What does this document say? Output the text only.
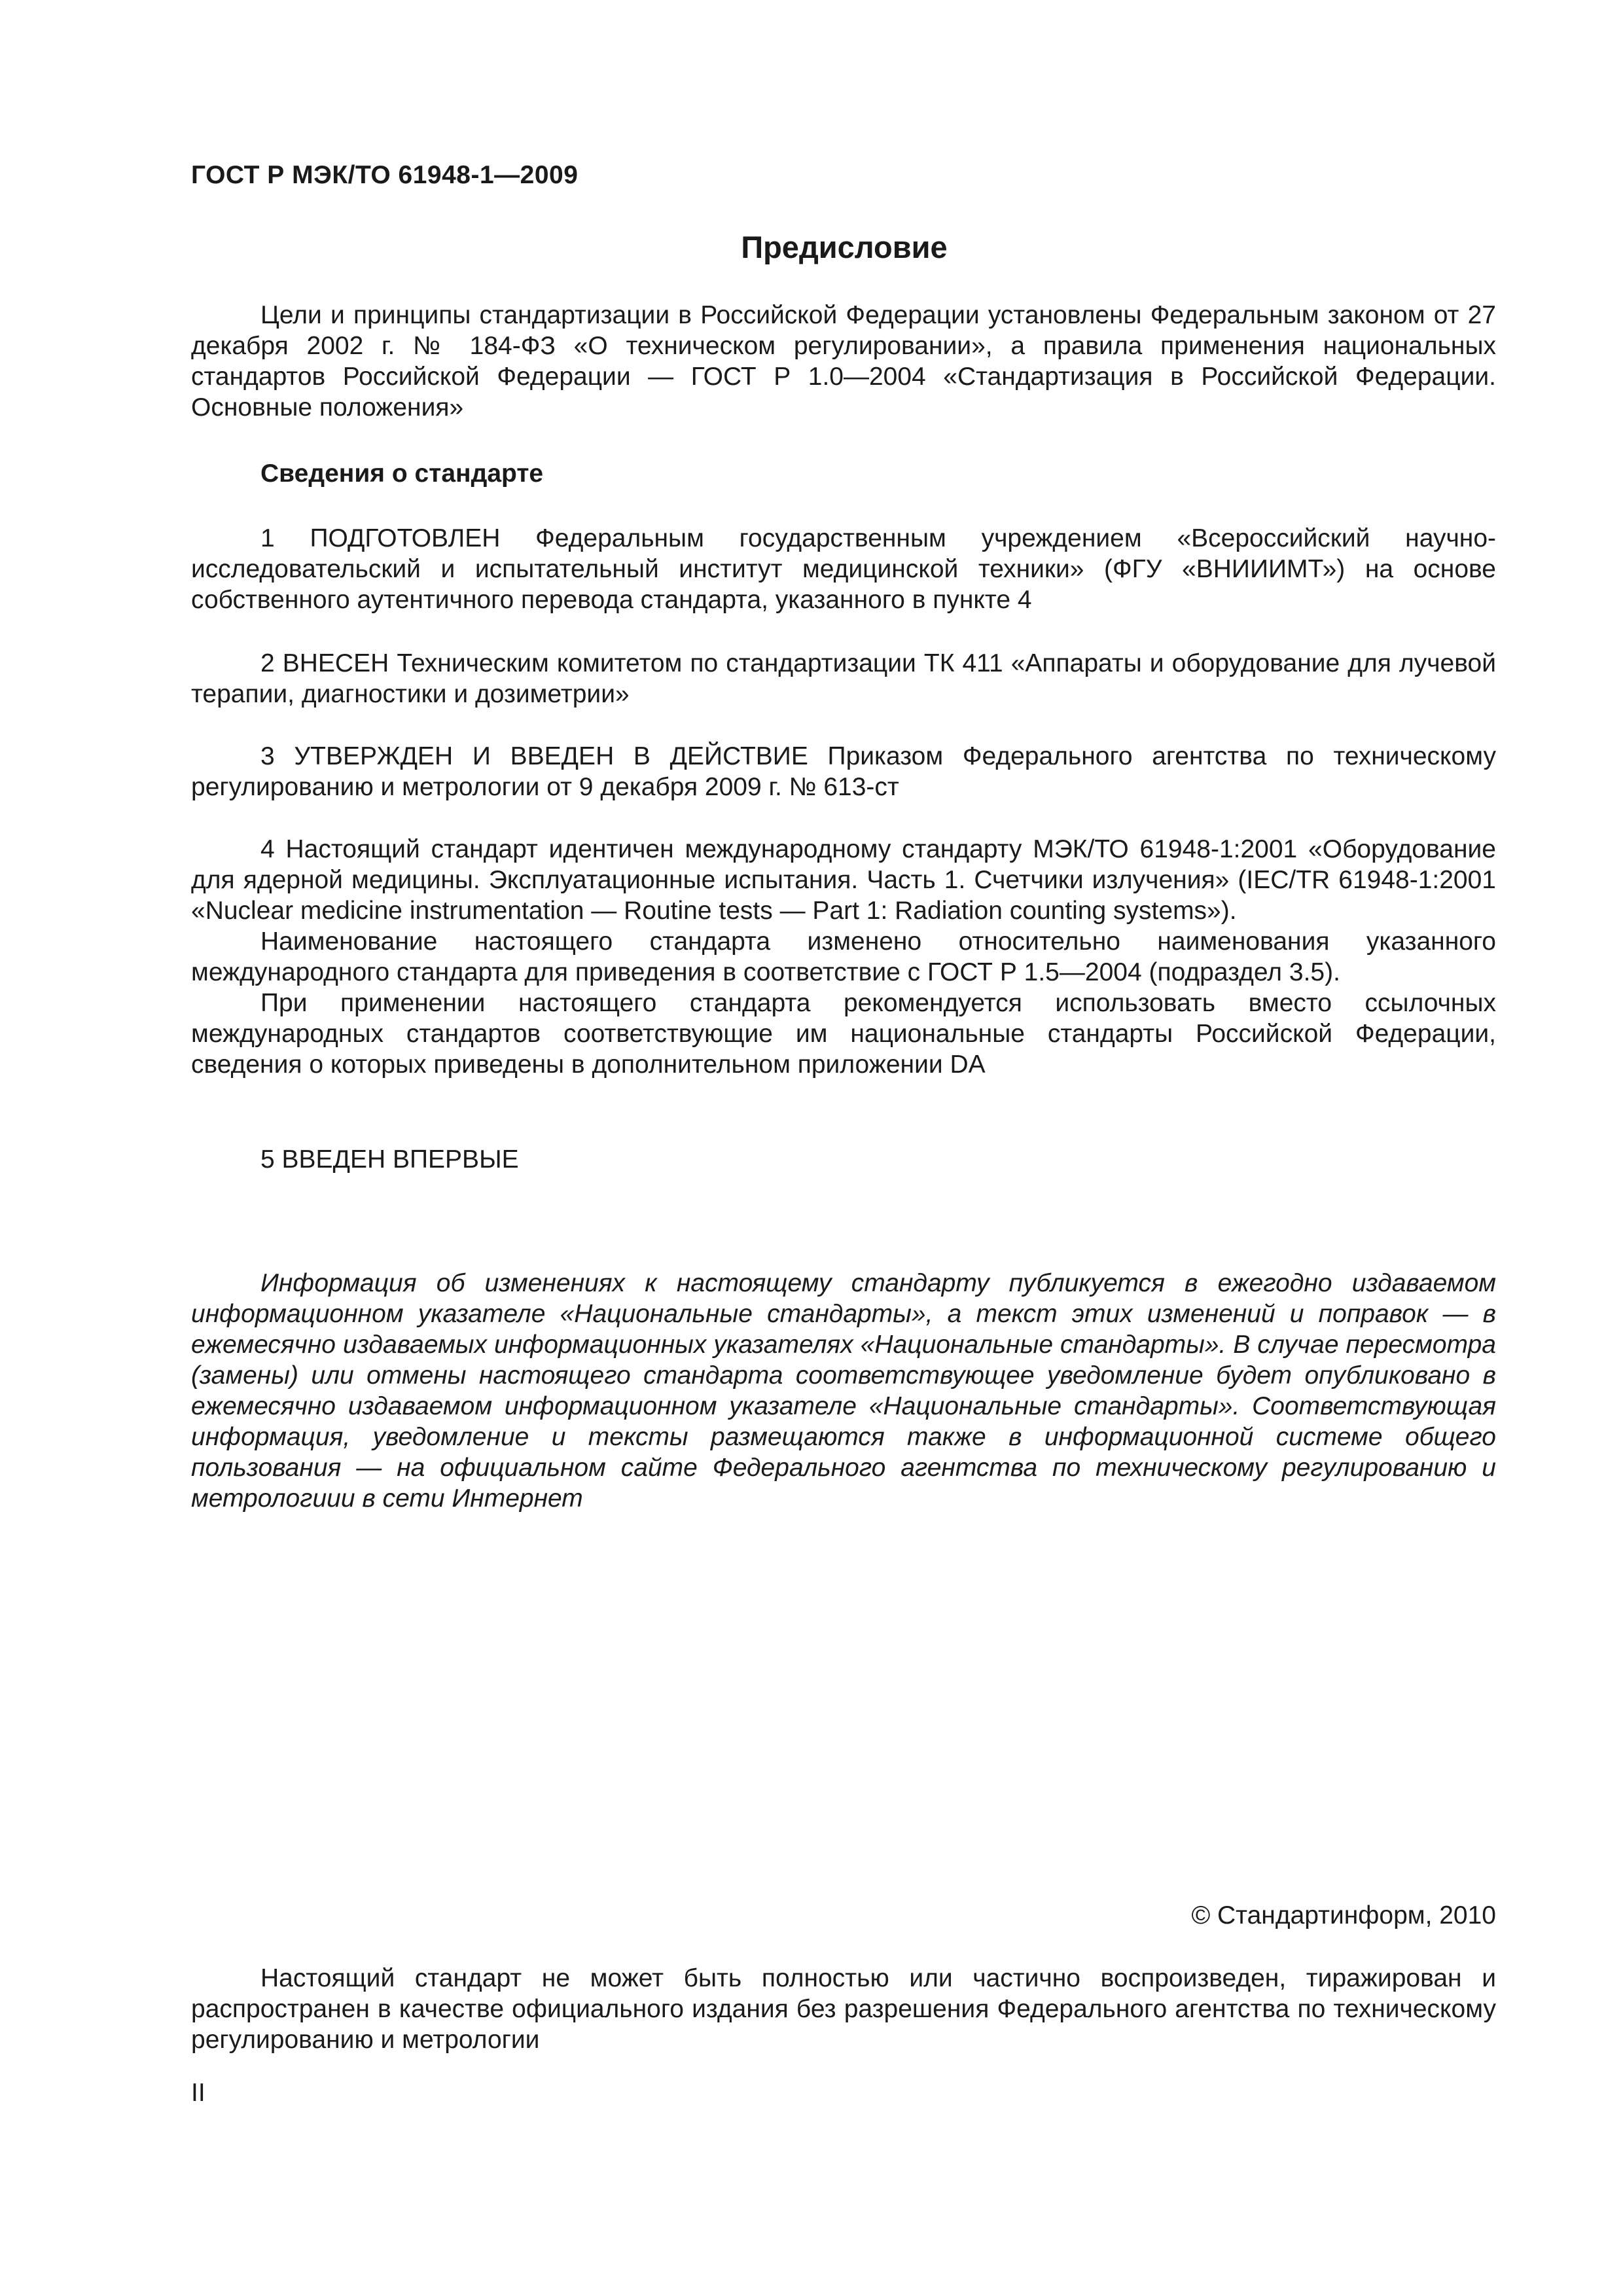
ГОСТ Р МЭК/ТО 61948-1—2009
Предисловие

Цели и принципы стандартизации в Российской Федерации установлены Федеральным законом от 27 декабря 2002 г. № 184-ФЗ «О техническом регулировании», а правила применения национальных стандартов Российской Федерации — ГОСТ Р 1.0—2004 «Стандартизация в Российской Федерации. Основные положения»

Сведения о стандарте

1 ПОДГОТОВЛЕН Федеральным государственным учреждением «Всероссийский научно-исследовательский и испытательный институт медицинской техники» (ФГУ «ВНИИИМТ») на основе собственного аутентичного перевода стандарта, указанного в пункте 4

2 ВНЕСЕН Техническим комитетом по стандартизации ТК 411 «Аппараты и оборудование для лучевой терапии, диагностики и дозиметрии»

3 УТВЕРЖДЕН И ВВЕДЕН В ДЕЙСТВИЕ Приказом Федерального агентства по техническому регулированию и метрологии от 9 декабря 2009 г. № 613-ст

4 Настоящий стандарт идентичен международному стандарту МЭК/ТО 61948-1:2001 «Оборудование для ядерной медицины. Эксплуатационные испытания. Часть 1. Счетчики излучения» (IEC/TR 61948-1:2001 «Nuclear medicine instrumentation — Routine tests — Part 1: Radiation counting systems»).

Наименование настоящего стандарта изменено относительно наименования указанного международного стандарта для приведения в соответствие с ГОСТ Р 1.5—2004 (подраздел 3.5).

При применении настоящего стандарта рекомендуется использовать вместо ссылочных международных стандартов соответствующие им национальные стандарты Российской Федерации, сведения о которых приведены в дополнительном приложении DA

5 ВВЕДЕН ВПЕРВЫЕ

Информация об изменениях к настоящему стандарту публикуется в ежегодно издаваемом информационном указателе «Национальные стандарты», а текст этих изменений и поправок — в ежемесячно издаваемых информационных указателях «Национальные стандарты». В случае пересмотра (замены) или отмены настоящего стандарта соответствующее уведомление будет опубликовано в ежемесячно издаваемом информационном указателе «Национальные стандарты». Соответствующая информация, уведомление и тексты размещаются также в информационной системе общего пользования — на официальном сайте Федерального агентства по техническому регулированию и метрологиии в сети Интернет

© Стандартинформ, 2010

Настоящий стандарт не может быть полностью или частично воспроизведен, тиражирован и распространен в качестве официального издания без разрешения Федерального агентства по техническому регулированию и метрологии

II
